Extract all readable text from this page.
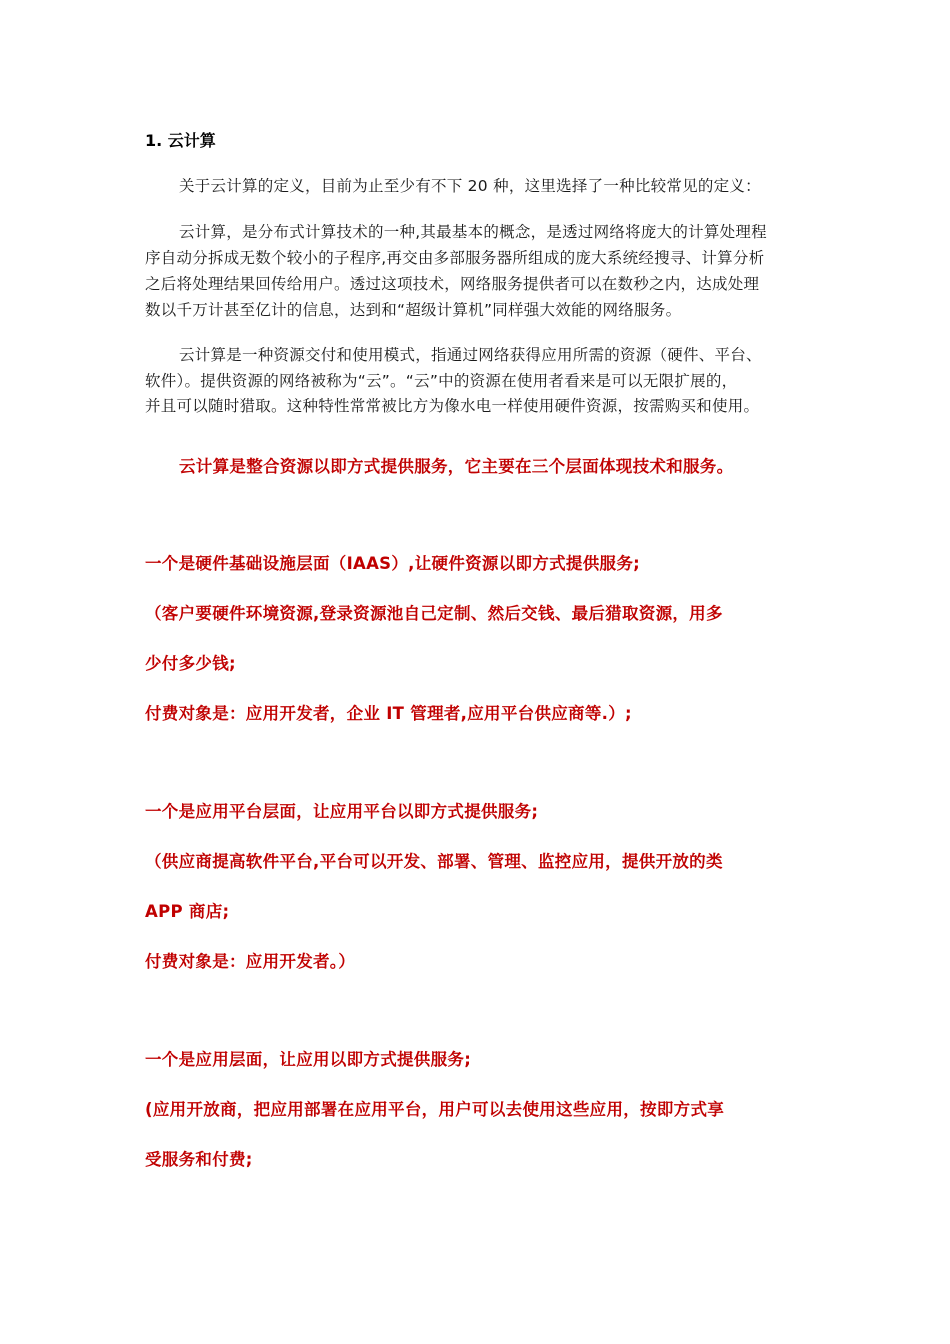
1. 云计算

关于云计算的定义，目前为止至少有不下 20 种，这里选择了一种比较常见的定义：

云计算，是分布式计算技术的一种,其最基本的概念，是透过网络将庞大的计算处理程

序自动分拆成无数个较小的子程序,再交由多部服务器所组成的庞大系统经搜寻、计算分析

之后将处理结果回传给用户。透过这项技术，网络服务提供者可以在数秒之内，达成处理

数以千万计甚至亿计的信息，达到和“超级计算机”同样强大效能的网络服务。

云计算是一种资源交付和使用模式，指通过网络获得应用所需的资源（硬件、平台、

软件）。提供资源的网络被称为“云”。“云”中的资源在使用者看来是可以无限扩展的，

并且可以随时猎取。这种特性常常被比方为像水电一样使用硬件资源，按需购买和使用。

云计算是整合资源以即方式提供服务，它主要在三个层面体现技术和服务。

一个是硬件基础设施层面（IAAS）,让硬件资源以即方式提供服务;

（客户要硬件环境资源,登录资源池自己定制、然后交钱、最后猎取资源，用多

少付多少钱;

付费对象是：应用开发者，企业 IT 管理者,应用平台供应商等.）;

一个是应用平台层面，让应用平台以即方式提供服务;

（供应商提高软件平台,平台可以开发、部署、管理、监控应用，提供开放的类

APP 商店;

付费对象是：应用开发者。）

一个是应用层面，让应用以即方式提供服务;

(应用开放商，把应用部署在应用平台，用户可以去使用这些应用，按即方式享

受服务和付费;
